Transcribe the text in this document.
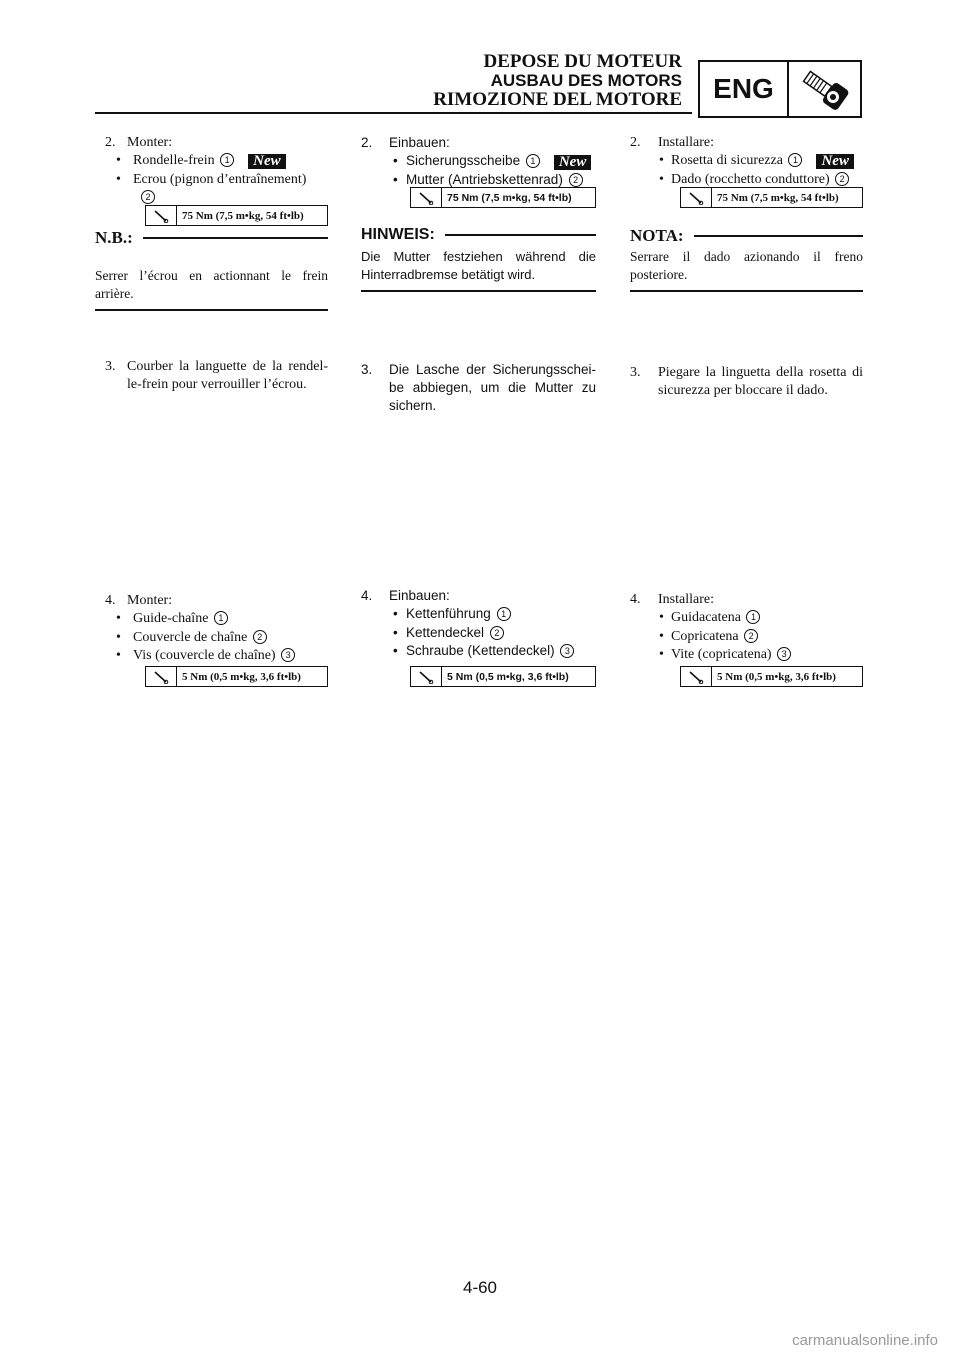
DEPOSE DU MOTEUR
AUSBAU DES MOTORS
RIMOZIONE DEL MOTORE	ENG
2. Monter:
• Rondelle-frein 1 New
• Ecrou (pignon d’entraînement)
2
75 Nm (7,5 m•kg, 54 ft•lb)
N.B.:
Serrer l’écrou en actionnant le frein arrière.
3. Courber la languette de la rendel-le-frein pour verrouiller l’écrou.
4. Monter:
• Guide-chaîne 1
• Couvercle de chaîne 2
• Vis (couvercle de chaîne) 3
5 Nm (0,5 m•kg, 3,6 ft•lb)
2.	Einbauen:
• Sicherungsscheibe 1 New
• Mutter (Antriebskettenrad) 2
75 Nm (7,5 m•kg, 54 ft•lb)
HINWEIS:
Die Mutter festziehen während die Hinterradbremse betätigt wird.
3.	Die Lasche der Sicherungsschei-be abbiegen, um die Mutter zu sichern.
4.	Einbauen:
• Kettenführung 1
• Kettendeckel 2
• Schraube (Kettendeckel) 3
5 Nm (0,5 m•kg, 3,6 ft•lb)
2.	Installare:
• Rosetta di sicurezza 1 New
• Dado (rocchetto conduttore) 2
75 Nm (7,5 m•kg, 54 ft•lb)
NOTA:
Serrare il dado azionando il freno posteriore.
3.	Piegare la linguetta della rosetta di sicurezza per bloccare il dado.
4.	Installare:
• Guidacatena 1
• Copricatena 2
• Vite (copricatena) 3
5 Nm (0,5 m•kg, 3,6 ft•lb)
4-60
carmanualsonline.info
